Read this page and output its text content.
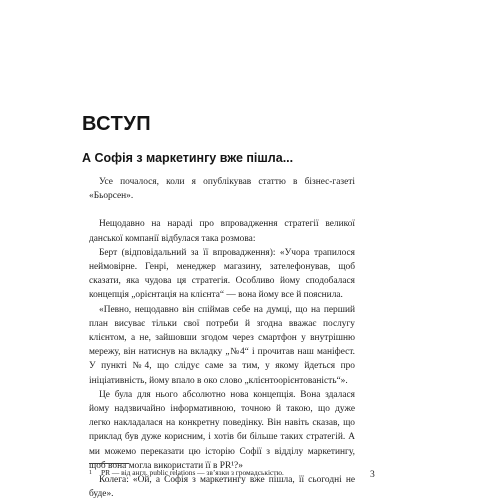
ВСТУП
А Софія з маркетингу вже пішла...

Усе почалося, коли я опублікував статтю в бізнес-газеті «Бьорсен».

Нещодавно на нараді про впровадження стратегії великої данської компанії відбулася така розмова:

Берт (відповідальний за її впровадження): «Учора трапилося неймовірне. Генрі, менеджер магазину, зателефонував, щоб сказати, яка чудова ця стратегія. Особливо йому сподобалася концепція „орієнтація на клієнта“ — вона йому все й пояснила.

«Певно, нещодавно він спіймав себе на думці, що на перший план висуває тільки свої потреби й згодна вважає послугу клієнтом, а не, зайшовши згодом через смартфон у внутрішню мережу, він натиснув на вкладку „№4“ і прочитав наш маніфест. У пункті №4, що слідує саме за тим, у якому йдеться про ініціативність, йому впало в око слово „клієнтоорієнтованість“».

Це була для нього абсолютно нова концепція. Вона здалася йому надзвичайно інформативною, точною й такою, що дуже легко накладалася на конкретну поведінку. Він навіть сказав, що приклад був дуже корисним, і хотів би більше таких стратегій. А ми можемо переказати цю історію Софії з відділу маркетингу, щоб вона могла використати її в PR¹?»

Колега: «Ой, а Софія з маркетингу вже пішла, її сьогодні не буде».

1 PR — від англ. public relations — зв’язки з громадськістю.	3
